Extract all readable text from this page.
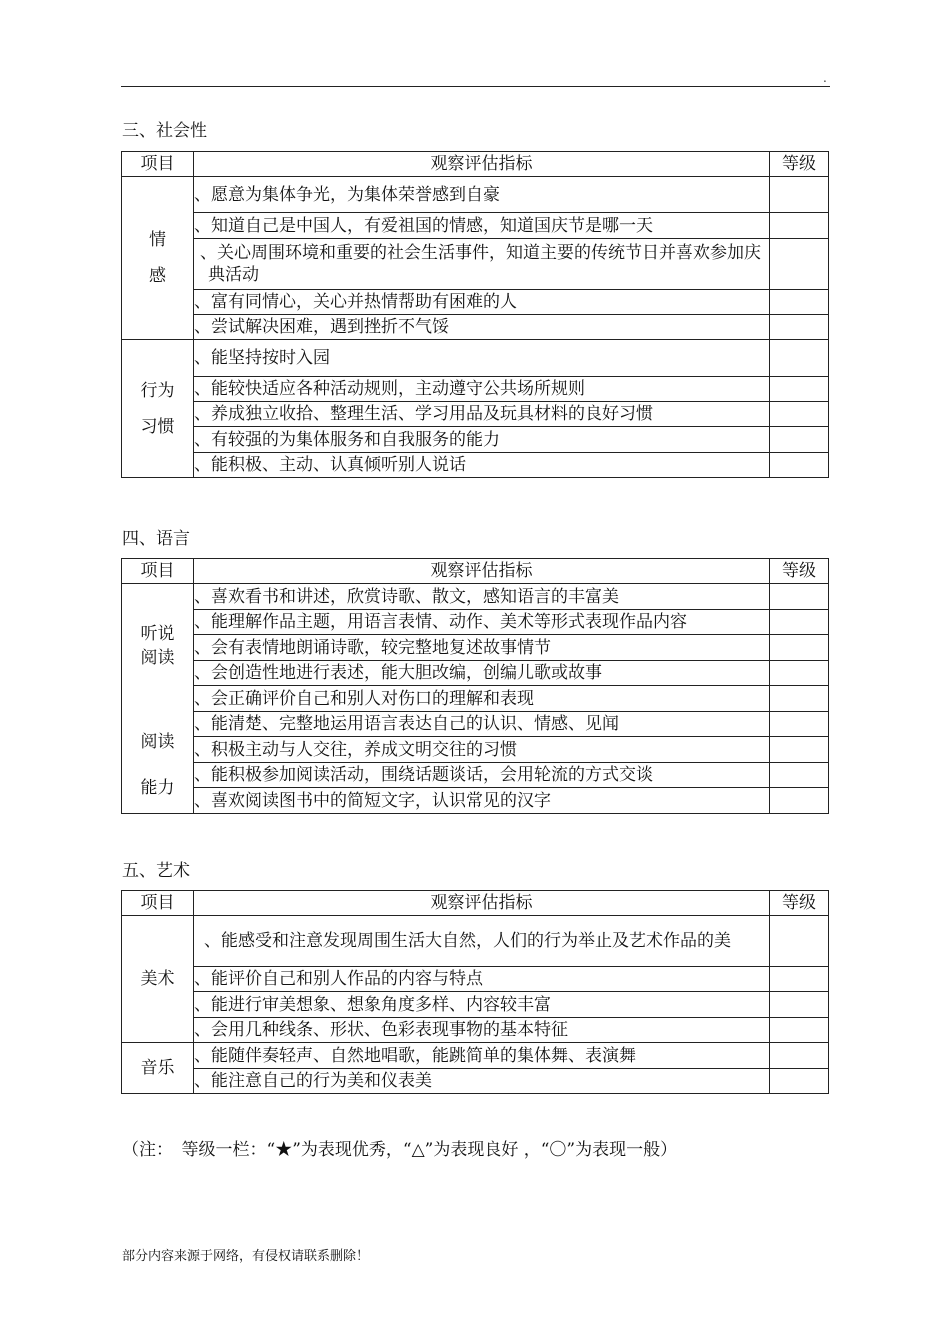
.
三、社会性
项目	观察评估指标	等级

情
感	、愿意为集体争光，为集体荣誉感到自豪	
	、知道自己是中国人，有爱祖国的情感，知道国庆节是哪一天	
	、关心周围环境和重要的社会生活事件，知道主要的传统节日并喜欢参加庆典活动	
	、富有同情心，关心并热情帮助有困难的人	
	、尝试解决困难，遇到挫折不气馁	

行为
习惯	、能坚持按时入园	
	、能较快适应各种活动规则，主动遵守公共场所规则	
	、养成独立收拾、整理生活、学习用品及玩具材料的良好习惯	
	、有较强的为集体服务和自我服务的能力	
	、能积极、主动、认真倾听别人说话	
四、语言
项目	观察评估指标	等级

听说
阅读
阅读
能力	、喜欢看书和讲述，欣赏诗歌、散文，感知语言的丰富美	
	、能理解作品主题，用语言表情、动作、美术等形式表现作品内容	
	、会有表情地朗诵诗歌，较完整地复述故事情节	
	、会创造性地进行表述，能大胆改编，创编儿歌或故事	
	、会正确评价自己和别人对伤口的理解和表现	
	、能清楚、完整地运用语言表达自己的认识、情感、见闻	
	、积极主动与人交往，养成文明交往的习惯	
	、能积极参加阅读活动，围绕话题谈话，会用轮流的方式交谈	
	、喜欢阅读图书中的简短文字，认识常见的汉字	
五、艺术
项目	观察评估指标	等级

美术	、能感受和注意发现周围生活大自然，人们的行为举止及艺术作品的美	
	、能评价自己和别人作品的内容与特点	
	、能进行审美想象、想象角度多样、内容较丰富	
	、会用几种线条、形状、色彩表现事物的基本特征	

音乐	、能随伴奏轻声、自然地唱歌，能跳简单的集体舞、表演舞	
	、能注意自己的行为美和仪表美	
（注：　等级一栏：“★”为表现优秀，“△”为表现良好 ，“〇”为表现一般）
部分内容来源于网络，有侵权请联系删除！
